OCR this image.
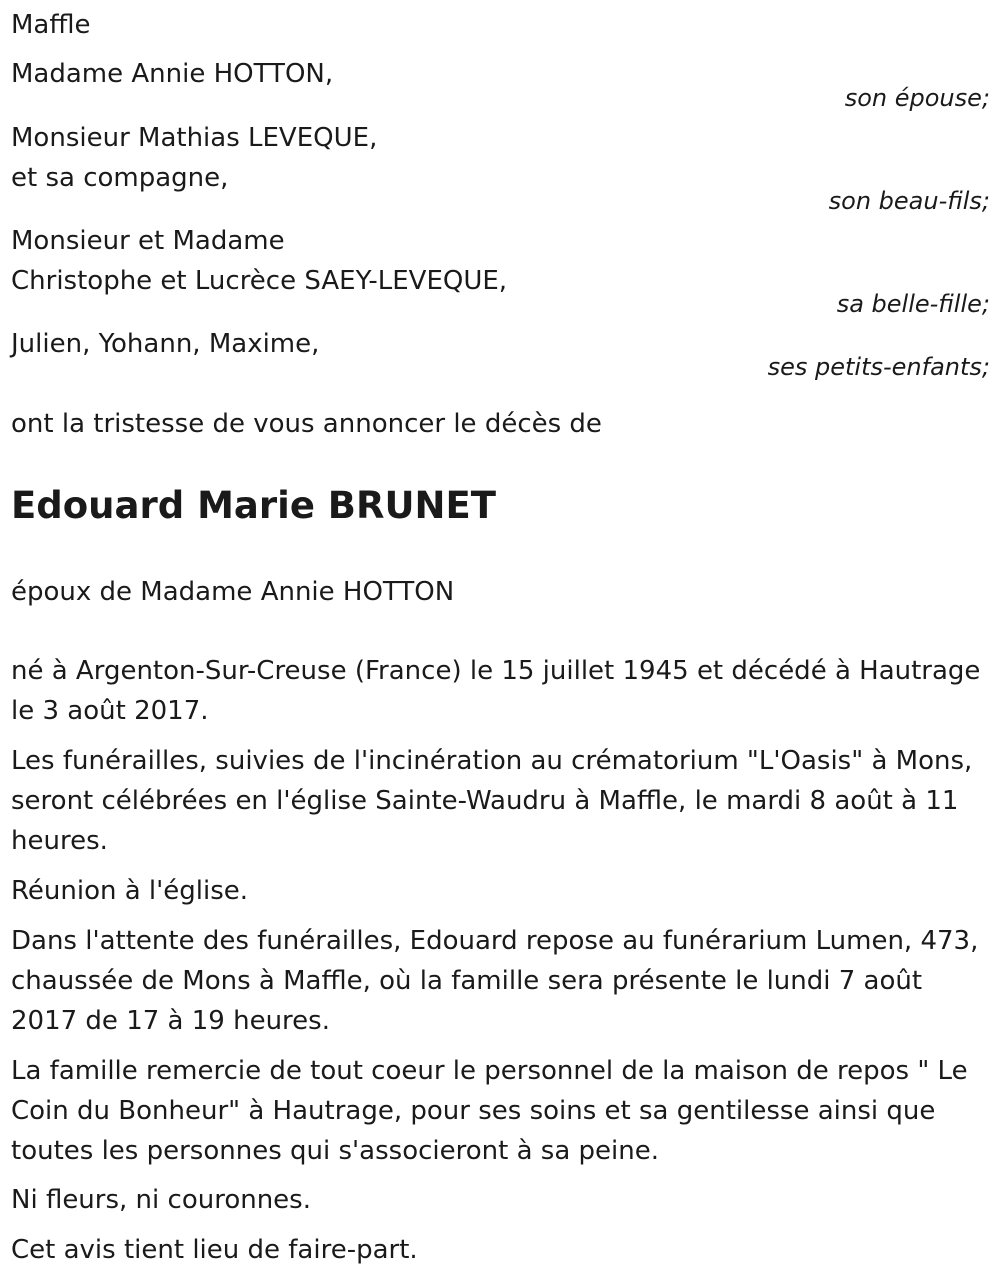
Maffle

Madame Annie HOTTON,

son épouse;

Monsieur Mathias LEVEQUE,

et sa compagne,

son beau-fils;

Monsieur et Madame

Christophe et Lucrèce SAEY-LEVEQUE,

sa belle-fille;

Julien, Yohann, Maxime,

ses petits-enfants;

ont la tristesse de vous annoncer le décès de

Edouard Marie BRUNET

époux de Madame Annie HOTTON

né à Argenton-Sur-Creuse (France) le 15 juillet 1945 et décédé à Hautrage le 3 août 2017.

Les funérailles, suivies de l'incinération au crématorium "L'Oasis" à Mons, seront célébrées en l'église Sainte-Waudru à Maffle, le mardi 8 août à 11 heures.

Réunion à l'église.

Dans l'attente des funérailles, Edouard repose au funérarium Lumen, 473, chaussée de Mons à Maffle, où la famille sera présente le lundi 7 août 2017 de 17 à 19 heures.

La famille remercie de tout coeur le personnel de la maison de repos " Le Coin du Bonheur" à Hautrage, pour ses soins et sa gentilesse ainsi que toutes les personnes qui s'associeront à sa peine.

Ni fleurs, ni couronnes.

Cet avis tient lieu de faire-part.
